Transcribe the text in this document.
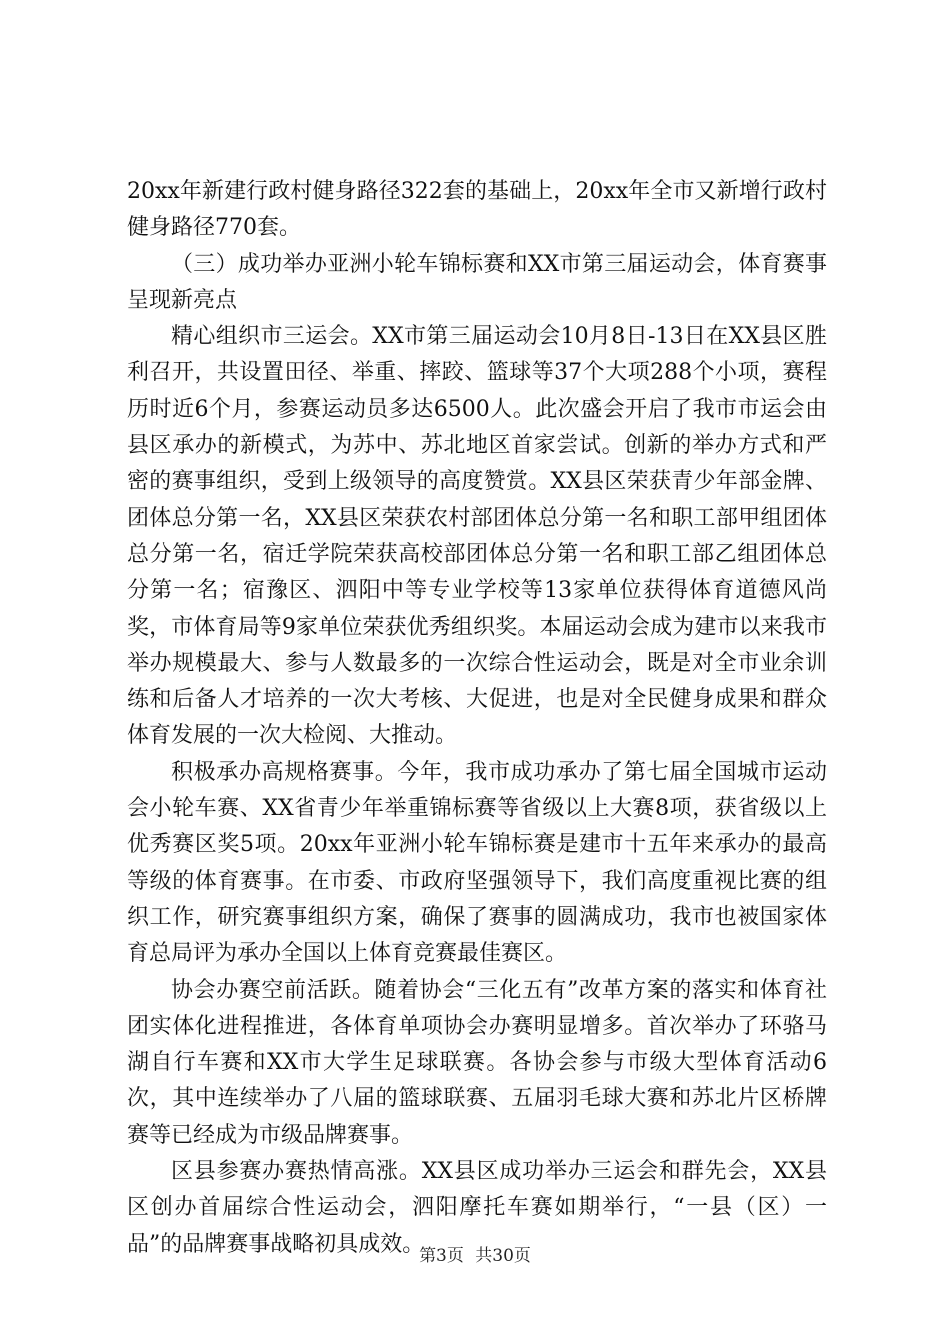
20xx年新建行政村健身路径322套的基础上，20xx年全市又新增行政村健身路径770套。

（三）成功举办亚洲小轮车锦标赛和XX市第三届运动会，体育赛事呈现新亮点

精心组织市三运会。XX市第三届运动会10月8日-13日在XX县区胜利召开，共设置田径、举重、摔跤、篮球等37个大项288个小项，赛程历时近6个月，参赛运动员多达6500人。此次盛会开启了我市市运会由县区承办的新模式，为苏中、苏北地区首家尝试。创新的举办方式和严密的赛事组织，受到上级领导的高度赞赏。XX县区荣获青少年部金牌、团体总分第一名，XX县区荣获农村部团体总分第一名和职工部甲组团体总分第一名，宿迁学院荣获高校部团体总分第一名和职工部乙组团体总分第一名；宿豫区、泗阳中等专业学校等13家单位获得体育道德风尚奖，市体育局等9家单位荣获优秀组织奖。本届运动会成为建市以来我市举办规模最大、参与人数最多的一次综合性运动会，既是对全市业余训练和后备人才培养的一次大考核、大促进，也是对全民健身成果和群众体育发展的一次大检阅、大推动。

积极承办高规格赛事。今年，我市成功承办了第七届全国城市运动会小轮车赛、XX省青少年举重锦标赛等省级以上大赛8项，获省级以上优秀赛区奖5项。20xx年亚洲小轮车锦标赛是建市十五年来承办的最高等级的体育赛事。在市委、市政府坚强领导下，我们高度重视比赛的组织工作，研究赛事组织方案，确保了赛事的圆满成功，我市也被国家体育总局评为承办全国以上体育竞赛最佳赛区。

协会办赛空前活跃。随着协会“三化五有”改革方案的落实和体育社团实体化进程推进，各体育单项协会办赛明显增多。首次举办了环骆马湖自行车赛和XX市大学生足球联赛。各协会参与市级大型体育活动6次，其中连续举办了八届的篮球联赛、五届羽毛球大赛和苏北片区桥牌赛等已经成为市级品牌赛事。

区县参赛办赛热情高涨。XX县区成功举办三运会和群先会，XX县区创办首届综合性运动会，泗阳摩托车赛如期举行，“一县（区）一品”的品牌赛事战略初具成效。

第3页 共30页
